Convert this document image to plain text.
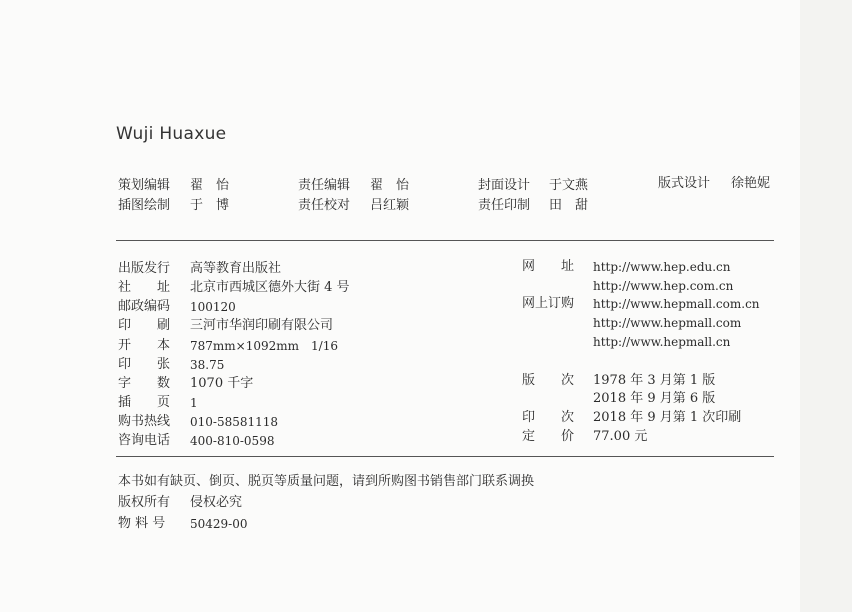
Wuji Huaxue
策划编辑 翟　怡	责任编辑 翟　怡	封面设计 于文燕	版式设计 徐艳妮
插图绘制 于　博	责任校对 吕红颖	责任印制 田　甜
出版发行 高等教育出版社
社　　址 北京市西城区德外大街 4 号
邮政编码 100120
印　　刷 三河市华润印刷有限公司
开　　本 787mm×1092mm　1/16
印　　张 38.75
字　　数 1070 千字
插　　页 1
购书热线 010-58581118
咨询电话 400-810-0598
网　　址 http://www.hep.edu.cn
http://www.hep.com.cn
网上订购 http://www.hepmall.com.cn
http://www.hepmall.com
http://www.hepmall.cn
版　　次 1978 年 3 月第 1 版
2018 年 9 月第 6 版
印　　次 2018 年 9 月第 1 次印刷
定　　价 77.00 元
本书如有缺页、倒页、脱页等质量问题，请到所购图书销售部门联系调换
版权所有 侵权必究
物 料 号 50429-00
